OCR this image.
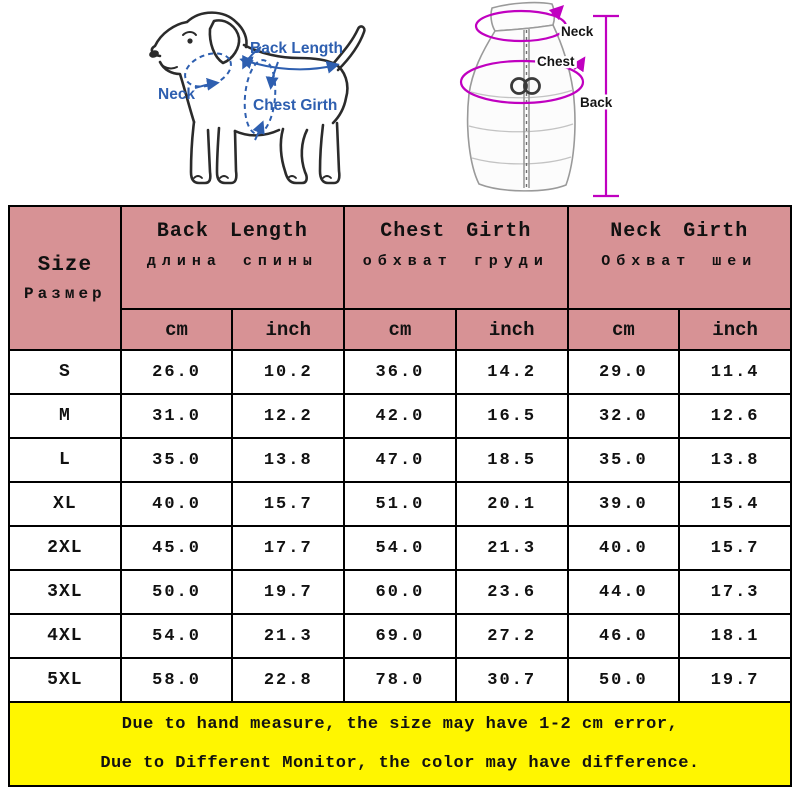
Back Length
Neck
Chest Girth
Neck
Chest
Back
Size
Размер

Back Length
длина спины

Chest Girth
обхват груди

Neck Girth
Обхват шеи

	cm	inch	cm	inch	cm	inch
S	26.0	10.2	36.0	14.2	29.0	11.4
M	31.0	12.2	42.0	16.5	32.0	12.6
L	35.0	13.8	47.0	18.5	35.0	13.8
XL	40.0	15.7	51.0	20.1	39.0	15.4
2XL	45.0	17.7	54.0	21.3	40.0	15.7
3XL	50.0	19.7	60.0	23.6	44.0	17.3
4XL	54.0	21.3	69.0	27.2	46.0	18.1
5XL	58.0	22.8	78.0	30.7	50.0	19.7
Due to hand measure, the size may have 1-2 cm error,
Due to Different Monitor, the color may have difference.
